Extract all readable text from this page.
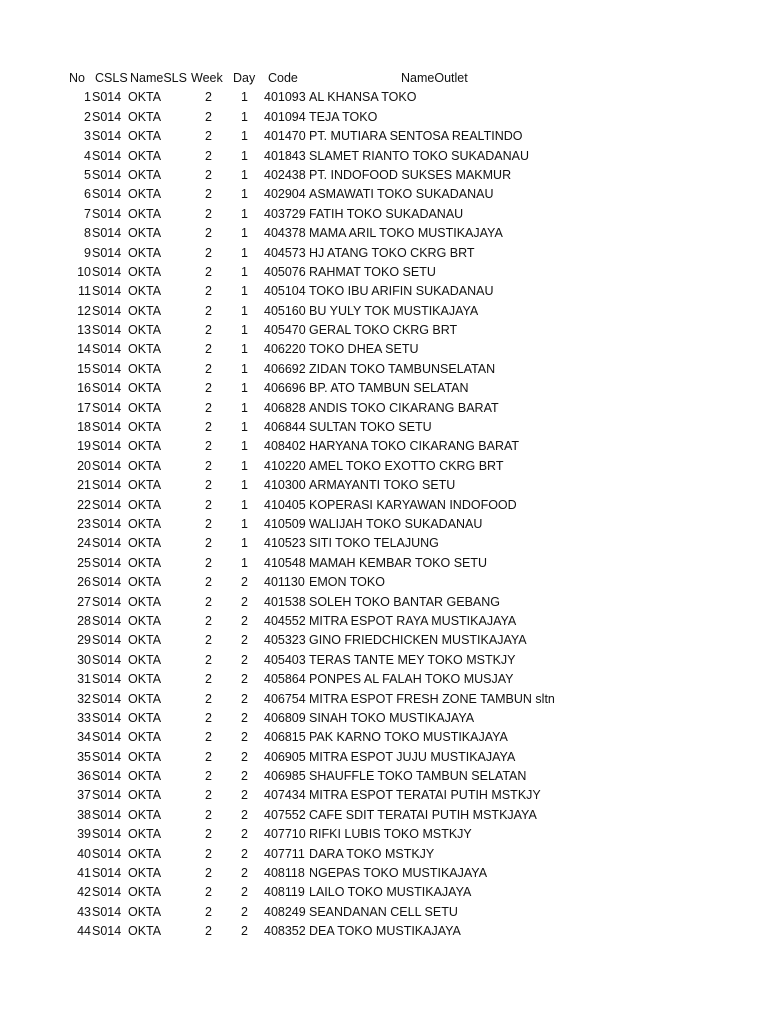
No CSLS NameSLS Week Day Code	NameOutlet
1 S014 OKTA	2 1 401093 AL KHANSA TOKO
2 S014 OKTA	2 1 401094 TEJA TOKO
3 S014 OKTA	2 1 401470 PT. MUTIARA SENTOSA REALTINDO
4 S014 OKTA	2 1 401843 SLAMET RIANTO TOKO SUKADANAU
5 S014 OKTA	2 1 402438 PT. INDOFOOD SUKSES MAKMUR
6 S014 OKTA	2 1 402904 ASMAWATI TOKO SUKADANAU
7 S014 OKTA	2 1 403729 FATIH TOKO SUKADANAU
8 S014 OKTA	2 1 404378 MAMA ARIL TOKO MUSTIKAJAYA
9 S014 OKTA	2 1 404573 HJ ATANG TOKO CKRG BRT
10 S014 OKTA	2 1 405076 RAHMAT TOKO SETU
11 S014 OKTA	2 1 405104 TOKO IBU ARIFIN SUKADANAU
12 S014 OKTA	2 1 405160 BU YULY TOK MUSTIKAJAYA
13 S014 OKTA	2 1 405470 GERAL TOKO CKRG BRT
14 S014 OKTA	2 1 406220 TOKO DHEA SETU
15 S014 OKTA	2 1 406692 ZIDAN TOKO TAMBUNSELATAN
16 S014 OKTA	2 1 406696 BP. ATO TAMBUN SELATAN
17 S014 OKTA	2 1 406828 ANDIS TOKO CIKARANG BARAT
18 S014 OKTA	2 1 406844 SULTAN TOKO SETU
19 S014 OKTA	2 1 408402 HARYANA TOKO CIKARANG BARAT
20 S014 OKTA	2 1 410220 AMEL TOKO EXOTTO CKRG BRT
21 S014 OKTA	2 1 410300 ARMAYANTI TOKO SETU
22 S014 OKTA	2 1 410405 KOPERASI KARYAWAN INDOFOOD
23 S014 OKTA	2 1 410509 WALIJAH TOKO SUKADANAU
24 S014 OKTA	2 1 410523 SITI TOKO TELAJUNG
25 S014 OKTA	2 1 410548 MAMAH KEMBAR TOKO SETU
26 S014 OKTA	2 2 401130 EMON TOKO
27 S014 OKTA	2 2 401538 SOLEH TOKO BANTAR GEBANG
28 S014 OKTA	2 2 404552 MITRA ESPOT RAYA MUSTIKAJAYA
29 S014 OKTA	2 2 405323 GINO FRIEDCHICKEN MUSTIKAJAYA
30 S014 OKTA	2 2 405403 TERAS TANTE MEY TOKO MSTKJY
31 S014 OKTA	2 2 405864 PONPES AL FALAH TOKO MUSJAY
32 S014 OKTA	2 2 406754 MITRA ESPOT FRESH ZONE TAMBUN sltn
33 S014 OKTA	2 2 406809 SINAH TOKO MUSTIKAJAYA
34 S014 OKTA	2 2 406815 PAK KARNO TOKO MUSTIKAJAYA
35 S014 OKTA	2 2 406905 MITRA ESPOT JUJU MUSTIKAJAYA
36 S014 OKTA	2 2 406985 SHAUFFLE TOKO TAMBUN SELATAN
37 S014 OKTA	2 2 407434 MITRA ESPOT TERATAI PUTIH MSTKJY
38 S014 OKTA	2 2 407552 CAFE SDIT TERATAI PUTIH MSTKJAYA
39 S014 OKTA	2 2 407710 RIFKI LUBIS TOKO MSTKJY
40 S014 OKTA	2 2 407711 DARA TOKO MSTKJY
41 S014 OKTA	2 2 408118 NGEPAS TOKO MUSTIKAJAYA
42 S014 OKTA	2 2 408119 LAILO TOKO MUSTIKAJAYA
43 S014 OKTA	2 2 408249 SEANDANAN CELL SETU
44 S014 OKTA	2 2 408352 DEA TOKO MUSTIKAJAYA
